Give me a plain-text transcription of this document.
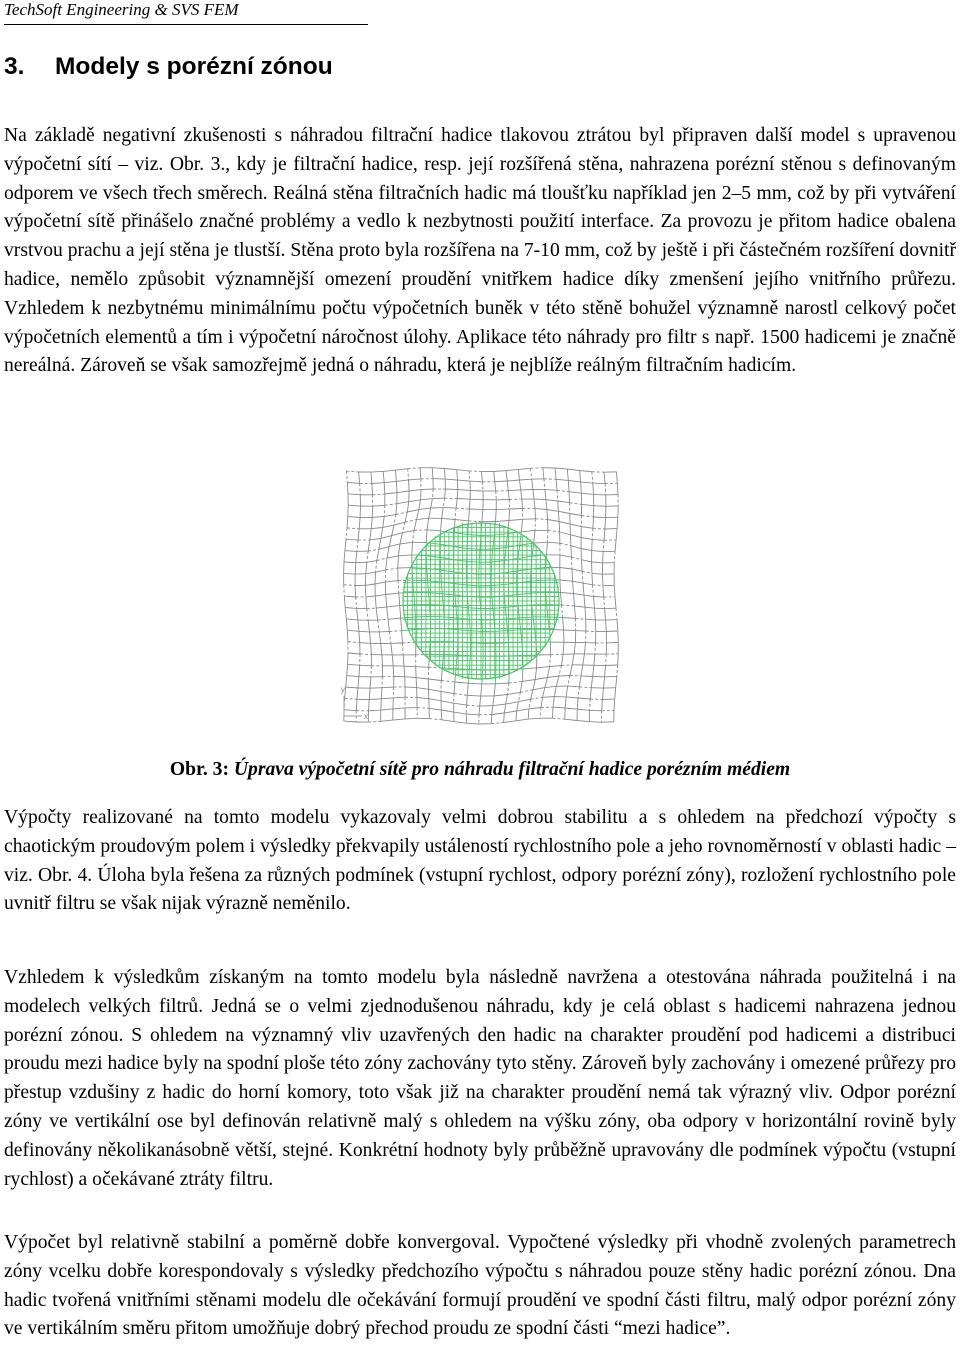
TechSoft Engineering & SVS FEM
3. Modely s porézní zónou

Na základě negativní zkušenosti s náhradou filtrační hadice tlakovou ztrátou byl připraven další model s upravenou výpočetní sítí – viz. Obr. 3., kdy je filtrační hadice, resp. její rozšířená stěna, nahrazena porézní stěnou s definovaným odporem ve všech třech směrech. Reálná stěna filtračních hadic má tloušťku například jen 2–5 mm, což by při vytváření výpočetní sítě přinášelo značné problémy a vedlo k nezbytnosti použití interface. Za provozu je přitom hadice obalena vrstvou prachu a její stěna je tlustší. Stěna proto byla rozšířena na 7-10 mm, což by ještě i při částečném rozšíření dovnitř hadice, nemělo způsobit významnější omezení proudění vnitřkem hadice díky zmenšení jejího vnitřního průřezu. Vzhledem k nezbytnému minimálnímu počtu výpočetních buněk v této stěně bohužel významně narostl celkový počet výpočetních elementů a tím i výpočetní náročnost úlohy. Aplikace této náhrady pro filtr s např. 1500 hadicemi je značně nereálná. Zároveň se však samozřejmě jedná o náhradu, která je nejblíže reálným filtračním hadicím.

y
x
Obr. 3: Úprava výpočetní sítě pro náhradu filtrační hadice porézním médiem

Výpočty realizované na tomto modelu vykazovaly velmi dobrou stabilitu a s ohledem na předchozí výpočty s chaotickým proudovým polem i výsledky překvapily ustáleností rychlostního pole a jeho rovnoměrností v oblasti hadic – viz. Obr. 4. Úloha byla řešena za různých podmínek (vstupní rychlost, odpory porézní zóny), rozložení rychlostního pole uvnitř filtru se však nijak výrazně neměnilo.

Vzhledem k výsledkům získaným na tomto modelu byla následně navržena a otestována náhrada použitelná i na modelech velkých filtrů. Jedná se o velmi zjednodušenou náhradu, kdy je celá oblast s hadicemi nahrazena jednou porézní zónou. S ohledem na významný vliv uzavřených den hadic na charakter proudění pod hadicemi a distribuci proudu mezi hadice byly na spodní ploše této zóny zachovány tyto stěny. Zároveň byly zachovány i omezené průřezy pro přestup vzdušiny z hadic do horní komory, toto však již na charakter proudění nemá tak výrazný vliv. Odpor porézní zóny ve vertikální ose byl definován relativně malý s ohledem na výšku zóny, oba odpory v horizontální rovině byly definovány několikanásobně větší, stejné. Konkrétní hodnoty byly průběžně upravovány dle podmínek výpočtu (vstupní rychlost) a očekávané ztráty filtru.

Výpočet byl relativně stabilní a poměrně dobře konvergoval. Vypočtené výsledky při vhodně zvolených parametrech zóny vcelku dobře korespondovaly s výsledky předchozího výpočtu s náhradou pouze stěny hadic porézní zónou. Dna hadic tvořená vnitřními stěnami modelu dle očekávání formují proudění ve spodní části filtru, malý odpor porézní zóny ve vertikálním směru přitom umožňuje dobrý přechod proudu ze spodní části “mezi hadice”.
